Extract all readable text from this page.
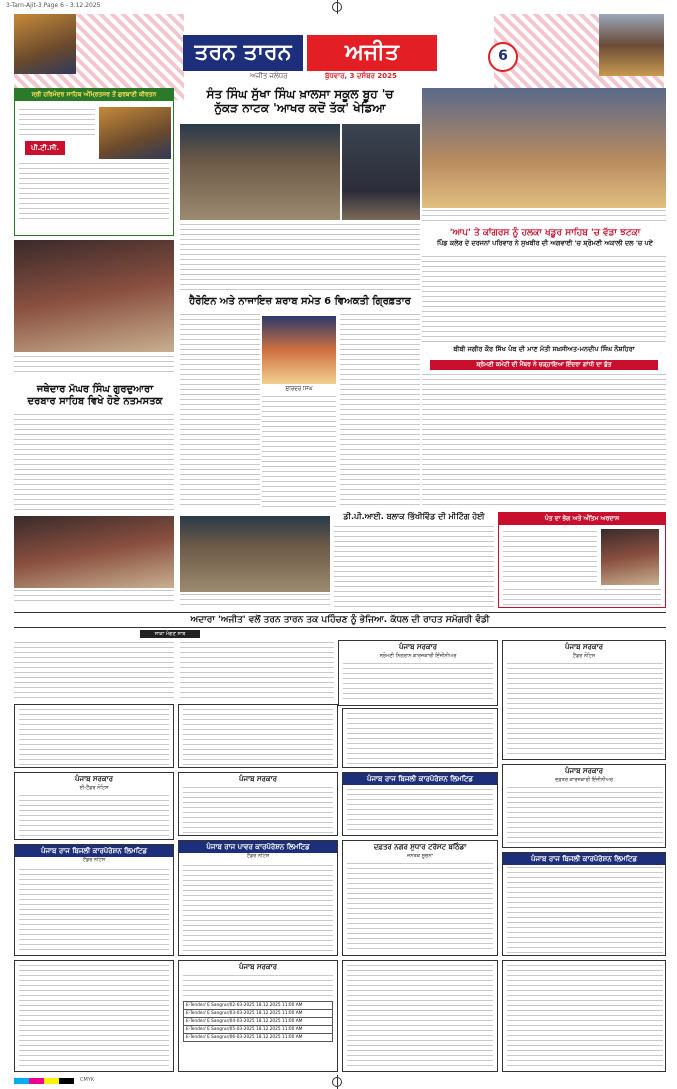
3-Tarn-Ajit-3 Page 6 - 3.12.2025
ਤਰਨ ਤਾਰਨ	ਅਜੀਤ	6
ਅਜੀਤ ਜਲੰਧਰ	ਬੁੱਧਵਾਰ, 3 ਦਸੰਬਰ 2025
ਸ੍ਰੀ ਹਰਿਮੰਦਰ ਸਾਹਿਬ ਅੰਮ੍ਰਿਤਸਰ ਤੋਂ ਗੁਰਬਾਣੀ ਕੀਰਤਨ
ਪੀ.ਟੀ.ਸੀ.
ਜਥੇਦਾਰ ਮੱਘਰ ਸਿੰਘ ਗੁਰਦੁਆਰਾ
ਦਰਬਾਰ ਸਾਹਿਬ ਵਿਖੇ ਹੋਏ ਨਤਮਸਤਕ
ਸੰਤ ਸਿੰਘ ਸੁੱਖਾ ਸਿੰਘ ਖ਼ਾਲਸਾ ਸਕੂਲ ਬੂਹ 'ਚ
ਨੁੱਕੜ ਨਾਟਕ 'ਆਖਰ ਕਦੋਂ ਤੱਕ' ਖੇਡਿਆ
'ਆਪ' ਤੇ ਕਾਂਗਰਸ ਨੂੰ ਹਲਕਾ ਖਡੂਰ ਸਾਹਿਬ 'ਚ ਵੱਡਾ ਝਟਕਾ
ਪਿੰਡ ਕਲੇਰ ਦੇ ਦਰਜਨਾਂ ਪਰਿਵਾਰ ਨੇ ਸੁਖਬੀਰ ਦੀ ਅਗਵਾਈ 'ਚ ਸ਼੍ਰੋਮਣੀ ਅਕਾਲੀ ਦਲ 'ਚ ਪਏ
ਹੈਰੋਇਨ ਅਤੇ ਨਾਜਾਇਜ਼ ਸ਼ਰਾਬ ਸਮੇਤ 6 ਵਿਅਕਤੀ ਗ੍ਰਿਫ਼ਤਾਰ
ਸੁਰਿੰਦਰ ਸਿੰਘ
ਬੀਬੀ ਜਗੀਰ ਕੌਰ ਸਿੱਖ ਪੰਥ ਦੀ ਮਾਣ ਮੱਤੀ ਸਖ਼ਸੀਅਤ-ਮਨਦੀਪ ਸਿੰਘ ਨੌਸ਼ਹਿਰਾ
ਸ਼੍ਰੋਮਣੀ ਕਮੇਟੀ ਦੀ ਮੈਂਬਰ ਨੇ ਚੜ੍ਹਾਇਆ ਇੰਦਰਾ ਗਾਂਧੀ ਦਾ ਬੁੱਤ
ਡੀ.ਪੀ.ਆਈ. ਬਲਾਕ ਭਿੱਖੀਵਿੰਡ ਦੀ ਮੀਟਿੰਗ ਹੋਈ	ਪੰਤ ਦਾ ਭੋਗ ਅਤੇ ਅੰਤਿਮ ਅਰਦਾਸ
ਅਦਾਰਾ 'ਅਜੀਤ' ਵਲੋਂ ਤਰਨ ਤਾਰਨ ਤਕ ਪਹਿੰਚਣ ਨੂੰ ਭੇਜਿਆ. ਕੱਧਲ ਦੀ ਰਾਹਤ ਸਮੱਗਰੀ ਵੰਡੀ
ਸਾਕਾ ਮੰਗਣ ਸਾਬ
ਪੰਜਾਬ ਸਰਕਾਰ
ਸ੍ਰੋਮਣੀ ਨਿਗਰਾਨ ਕਾਰਜਕਾਰੀ ਇੰਜੀਨੀਅਰ
ਪੰਜਾਬ ਸਰਕਾਰ
ਟੈਂਡਰ ਨੋਟਿਸ
ਪੰਜਾਬ ਸਰਕਾਰ
ਈ-ਟੈਂਡਰ ਨੋਟਿਸ
ਪੰਜਾਬ ਸਰਕਾਰ	ਪੰਜਾਬ ਰਾਜ ਬਿਜਲੀ ਕਾਰਪੋਰੇਸ਼ਨ ਲਿਮਟਿਡ
ਪੰਜਾਬ ਸਰਕਾਰ
ਦਫ਼ਤਰ ਕਾਰਜਕਾਰੀ ਇੰਜੀਨੀਅਰ
ਪੰਜਾਬ ਰਾਜ ਬਿਜਲੀ ਕਾਰਪੋਰੇਸ਼ਨ ਲਿਮਟਿਡ
ਟੈਂਡਰ ਨੋਟਿਸ
ਪੰਜਾਬ ਰਾਜ ਪਾਵਰ ਕਾਰਪੋਰੇਸ਼ਨ ਲਿਮਟਿਡ
ਟੈਂਡਰ ਨੋਟਿਸ
ਦਫ਼ਤਰ ਨਗਰ ਸੁਧਾਰ ਟਰੱਸਟ ਬਠਿੰਡਾ
ਜਨਤਕ ਸੂਚਨਾ	ਪੰਜਾਬ ਰਾਜ ਬਿਜਲੀ ਕਾਰਪੋਰੇਸ਼ਨ ਲਿਮਟਿਡ
ਪੰਜਾਬ ਸਰਕਾਰ
E-Tender/ E Sangrur/02-03-2025 18.12.2025 11:00 AM
E-Tender/ E Sangrur/03-03-2025 18.12.2025 11:00 AM
E-Tender/ E Sangrur/04-03-2025 18.12.2025 11:00 AM
E-Tender/ E Sangrur/05-03-2025 18.12.2025 11:00 AM
E-Tender/ E Sangrur/06-03-2025 18.12.2025 11:00 AM
CMYK
